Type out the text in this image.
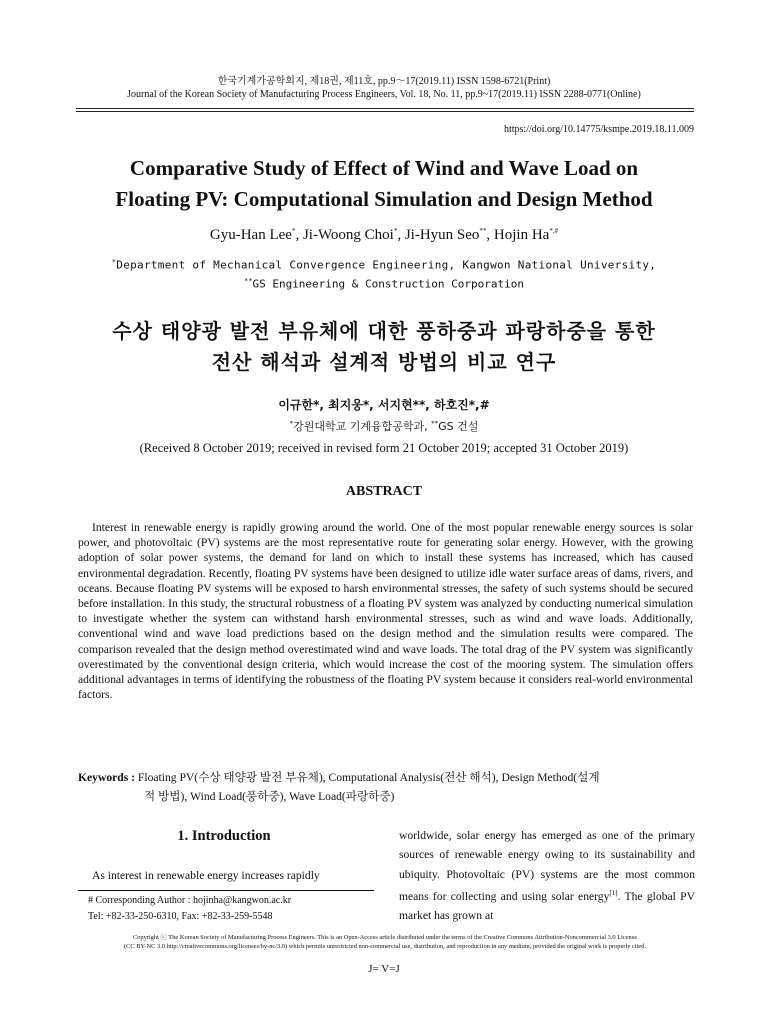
한국기계가공학회지, 제18권, 제11호, pp.9～17(2019.11) ISSN 1598-6721(Print)
Journal of the Korean Society of Manufacturing Process Engineers, Vol. 18, No. 11, pp.9~17(2019.11) ISSN 2288-0771(Online)
https://doi.org/10.14775/ksmpe.2019.18.11.009
Comparative Study of Effect of Wind and Wave Load on
Floating PV: Computational Simulation and Design Method
Gyu-Han Lee*, Ji-Woong Choi*, Ji-Hyun Seo**, Hojin Ha*,#
*Department of Mechanical Convergence Engineering, Kangwon National University,
**GS Engineering & Construction Corporation
수상 태양광 발전 부유체에 대한 풍하중과 파랑하중을 통한
전산 해석과 설계적 방법의 비교 연구
이규한*, 최지웅*, 서지현**, 하호진*,#
*강원대학교 기계융합공학과, **GS 건설
(Received 8 October 2019; received in revised form 21 October 2019; accepted 31 October 2019)
ABSTRACT
Interest in renewable energy is rapidly growing around the world. One of the most popular renewable energy sources is solar power, and photovoltaic (PV) systems are the most representative route for generating solar energy. However, with the growing adoption of solar power systems, the demand for land on which to install these systems has increased, which has caused environmental degradation. Recently, floating PV systems have been designed to utilize idle water surface areas of dams, rivers, and oceans. Because floating PV systems will be exposed to harsh environmental stresses, the safety of such systems should be secured before installation. In this study, the structural robustness of a floating PV system was analyzed by conducting numerical simulation to investigate whether the system can withstand harsh environmental stresses, such as wind and wave loads. Additionally, conventional wind and wave load predictions based on the design method and the simulation results were compared. The comparison revealed that the design method overestimated wind and wave loads. The total drag of the PV system was significantly overestimated by the conventional design criteria, which would increase the cost of the mooring system. The simulation offers additional advantages in terms of identifying the robustness of the floating PV system because it considers real-world environmental factors.
Keywords : Floating PV(수상 태양광 발전 부유체), Computational Analysis(전산 해석), Design Method(설계
적 방법), Wind Load(풍하중), Wave Load(파랑하중)
1. Introduction
As interest in renewable energy increases rapidly
# Corresponding Author : hojinha@kangwon.ac.kr
Tel: +82-33-250-6310, Fax: +82-33-259-5548
worldwide, solar energy has emerged as one of the primary sources of renewable energy owing to its sustainability and ubiquity. Photovoltaic (PV) systems are the most common means for collecting and using solar energy[1]. The global PV market has grown at
Copyright ⓒ The Korean Society of Manufacturing Process Engineers. This is an Open-Access article distributed under the terms of the Creative Commons Attribution-Noncommercial 3.0 License
(CC BY-NC 3.0 http://creativecommons.org/licenses/by-nc/3.0) which permits unrestricted non-commercial use, distribution, and reproduction in any medium, provided the original work is properly cited.
J= V=J
